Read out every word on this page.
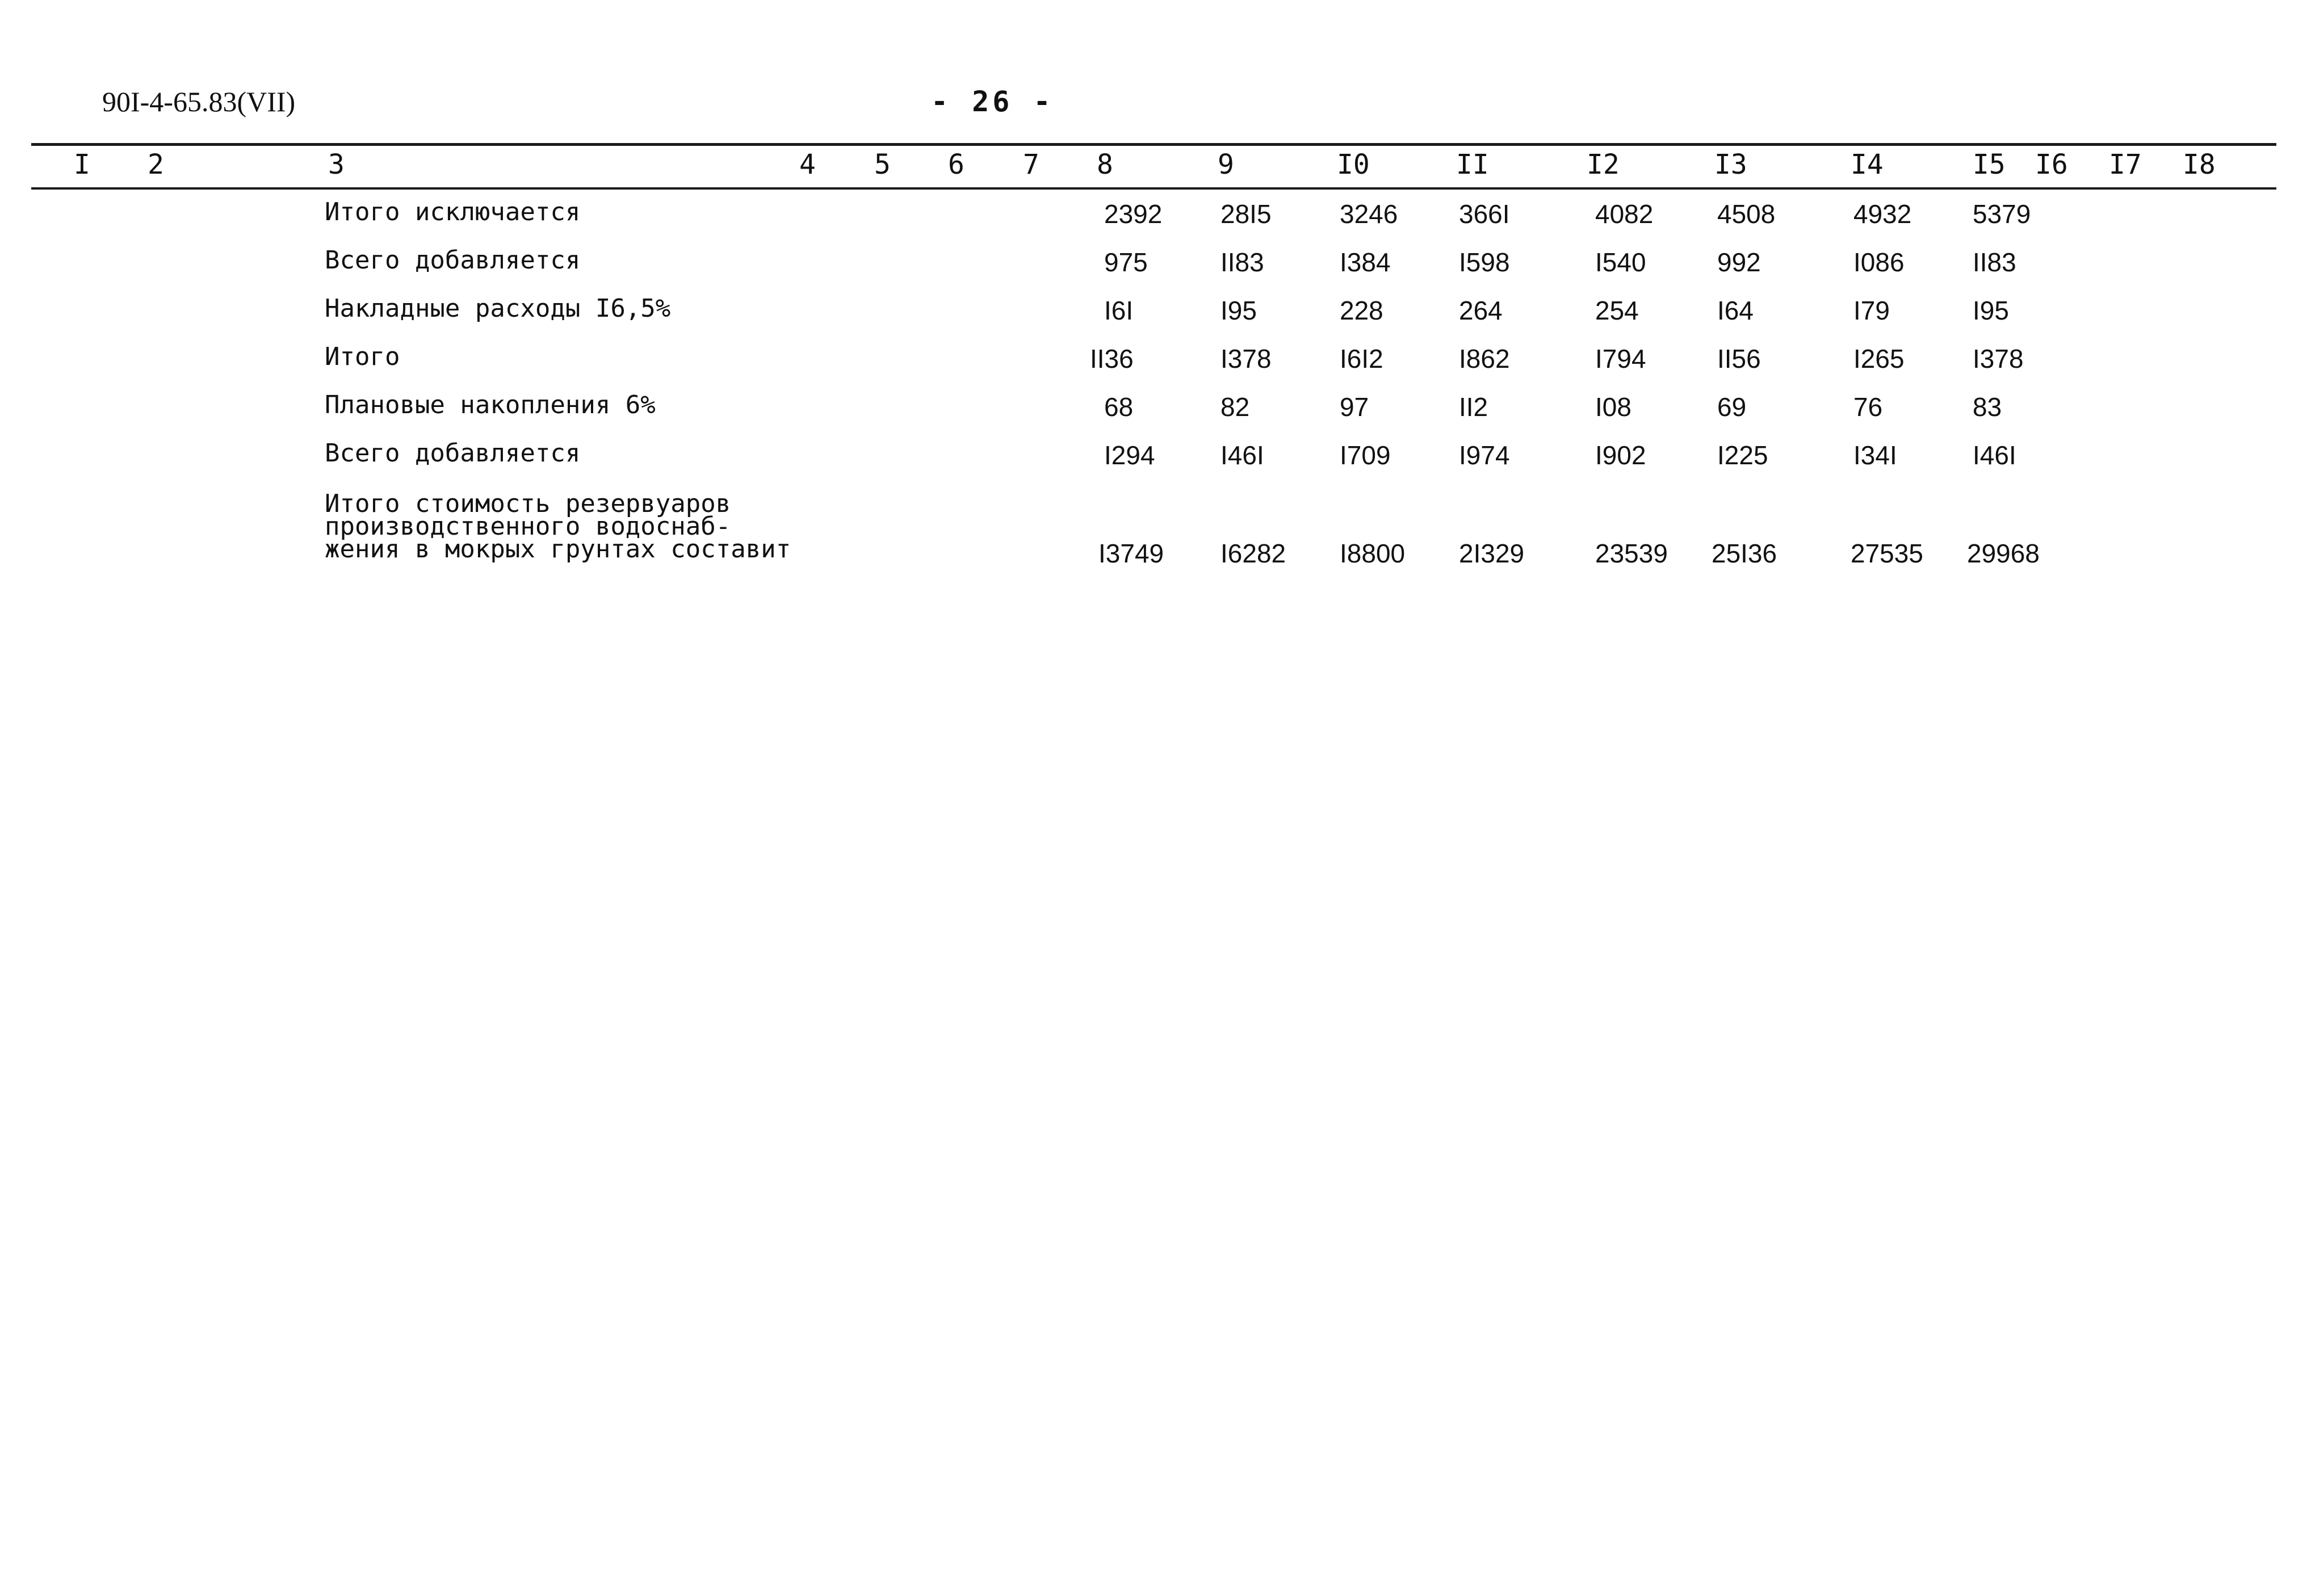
90I-4-65.83(VII)	- 26 -
I 2	3	4 5 6 7 8	9	I0	II	I2	I3	I4	I5 I6 I7 I8
Итого исключается	2392 28I5	3246 366I	4082 4508	4932 5379
Всего добавляется	975	II83	I384	I598	I540	992	I086	II83
Накладные расходы I6,5%	I6I	I95	228	264	254	I64	I79	I95
Итого	II36	I378	I6I2	I862	I794	II56	I265	I378
Плановые накопления 6%	68	82	97	II2	I08	69	76	83
Всего добавляется	I294	I46I	I709	I974	I902	I225	I34I	I46I
Итого стоимость резервуаров
производственного водоснаб-
жения в мокрых грунтах составит	I3749 I6282 I8800 2I329	23539 25I36	27535 29968
